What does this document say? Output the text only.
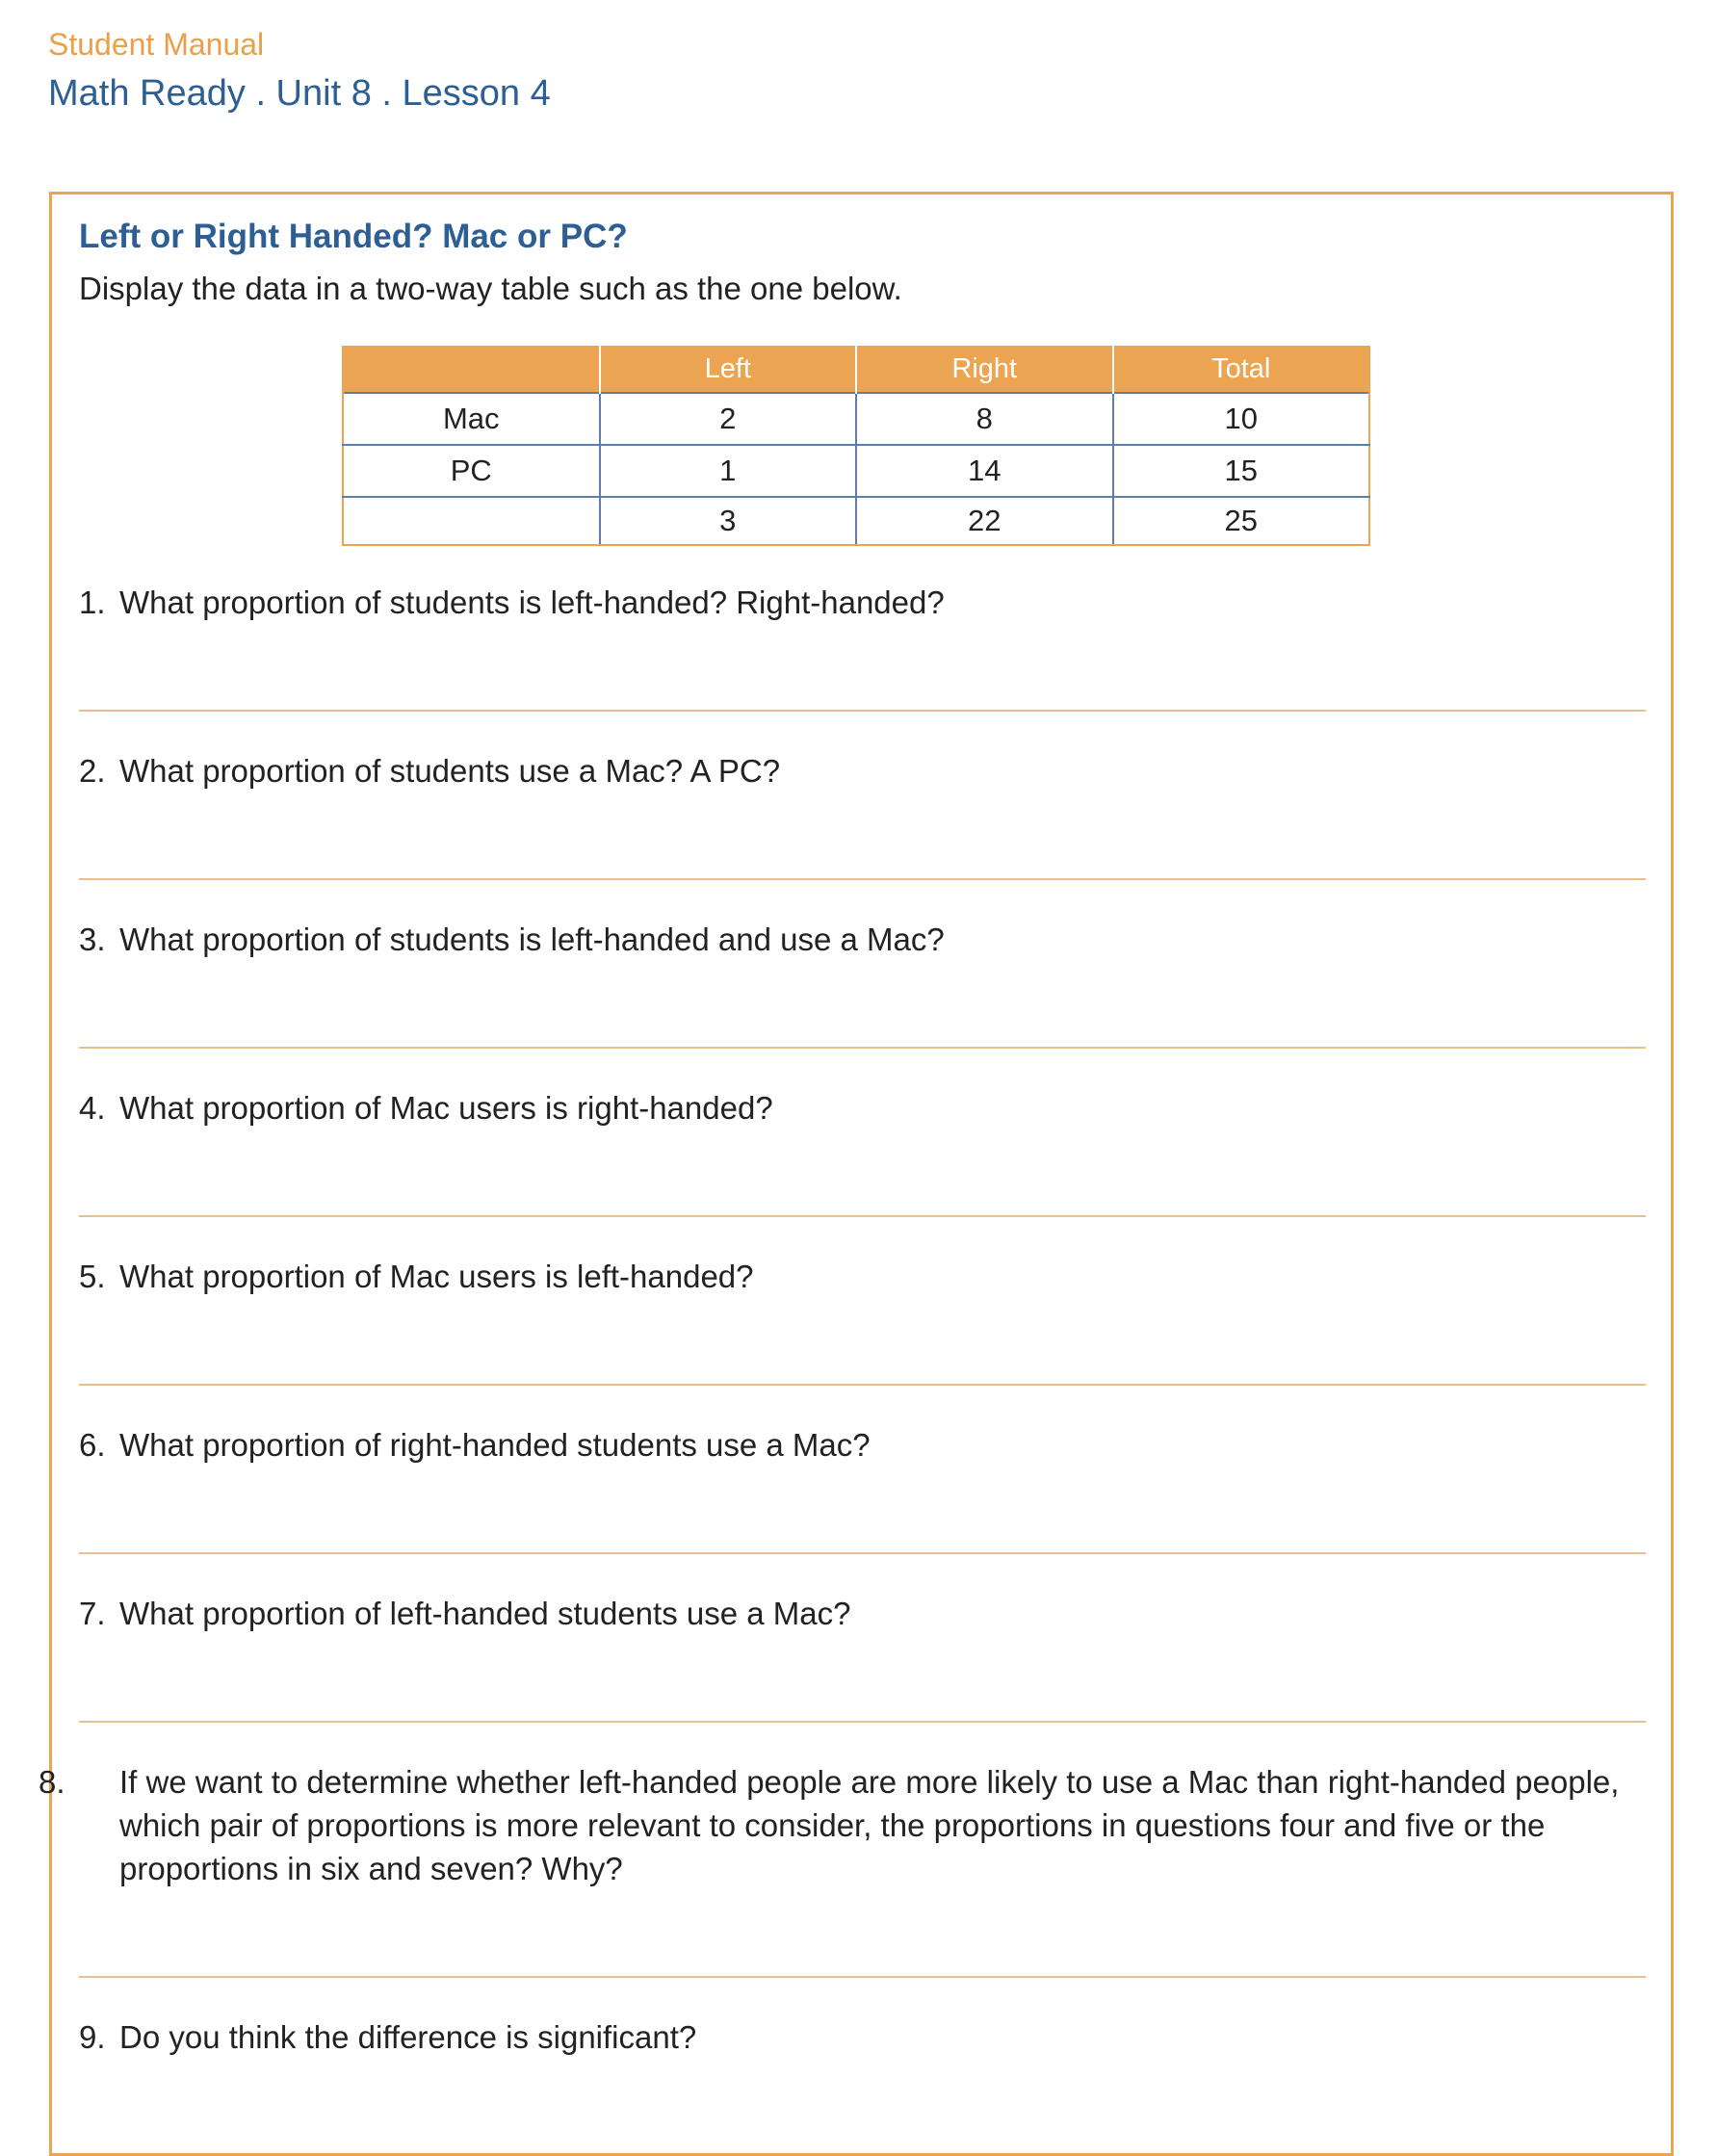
Student Manual
Math Ready . Unit 8 . Lesson 4
Left or Right Handed? Mac or PC?
Display the data in a two-way table such as the one below.
	Left	Right	Total
Mac	2	8	10
PC	1	14	15
	3	22	25
1. What proportion of students is left-handed? Right-handed?
2. What proportion of students use a Mac? A PC?
3. What proportion of students is left-handed and use a Mac?
4. What proportion of Mac users is right-handed?
5. What proportion of Mac users is left-handed?
6. What proportion of right-handed students use a Mac?
7. What proportion of left-handed students use a Mac?
8. If we want to determine whether left-handed people are more likely to use a Mac than right-handed people, which pair of proportions is more relevant to consider, the proportions in questions four and five or the proportions in six and seven? Why?
9. Do you think the difference is significant?
